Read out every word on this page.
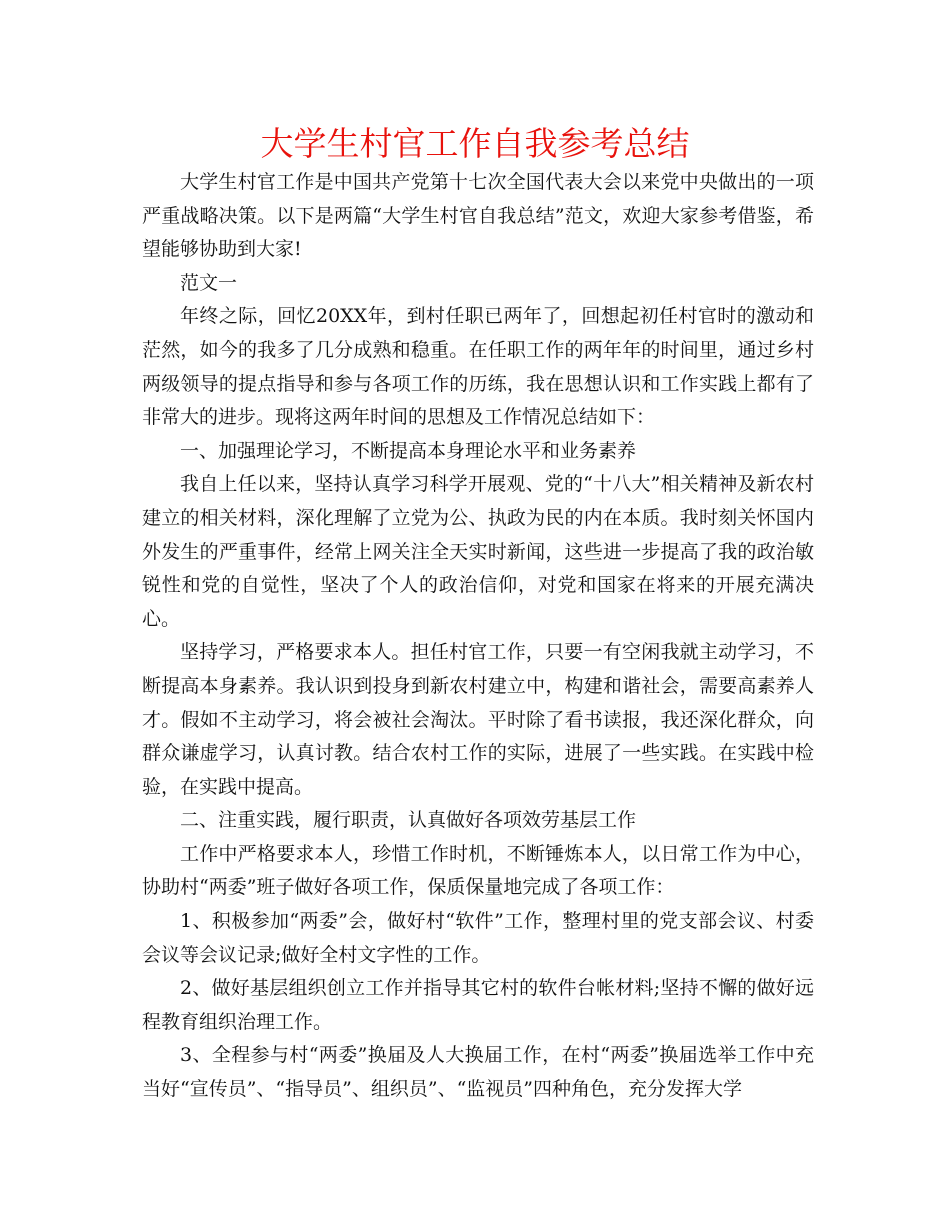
大学生村官工作自我参考总结

大学生村官工作是中国共产党第十七次全国代表大会以来党中央做出的一项严重战略决策。以下是两篇“大学生村官自我总结”范文，欢迎大家参考借鉴，希望能够协助到大家!

范文一

年终之际，回忆20XX年，到村任职已两年了，回想起初任村官时的激动和茫然，如今的我多了几分成熟和稳重。在任职工作的两年年的时间里，通过乡村两级领导的提点指导和参与各项工作的历练，我在思想认识和工作实践上都有了非常大的进步。现将这两年时间的思想及工作情况总结如下：

一、加强理论学习，不断提高本身理论水平和业务素养

我自上任以来，坚持认真学习科学开展观、党的“十八大”相关精神及新农村建立的相关材料，深化理解了立党为公、执政为民的内在本质。我时刻关怀国内外发生的严重事件，经常上网关注全天实时新闻，这些进一步提高了我的政治敏锐性和党的自觉性，坚决了个人的政治信仰，对党和国家在将来的开展充满决心。

坚持学习，严格要求本人。担任村官工作，只要一有空闲我就主动学习，不断提高本身素养。我认识到投身到新农村建立中，构建和谐社会，需要高素养人才。假如不主动学习，将会被社会淘汰。平时除了看书读报，我还深化群众，向群众谦虚学习，认真讨教。结合农村工作的实际，进展了一些实践。在实践中检验，在实践中提高。

二、注重实践，履行职责，认真做好各项效劳基层工作

工作中严格要求本人，珍惜工作时机，不断锤炼本人，以日常工作为中心，协助村“两委”班子做好各项工作，保质保量地完成了各项工作：

1、积极参加“两委”会，做好村“软件”工作，整理村里的党支部会议、村委会议等会议记录;做好全村文字性的工作。

2、做好基层组织创立工作并指导其它村的软件台帐材料;坚持不懈的做好远程教育组织治理工作。

3、全程参与村“两委”换届及人大换届工作，在村“两委”换届选举工作中充当好“宣传员”、“指导员”、组织员”、“监视员”四种角色，充分发挥大学
